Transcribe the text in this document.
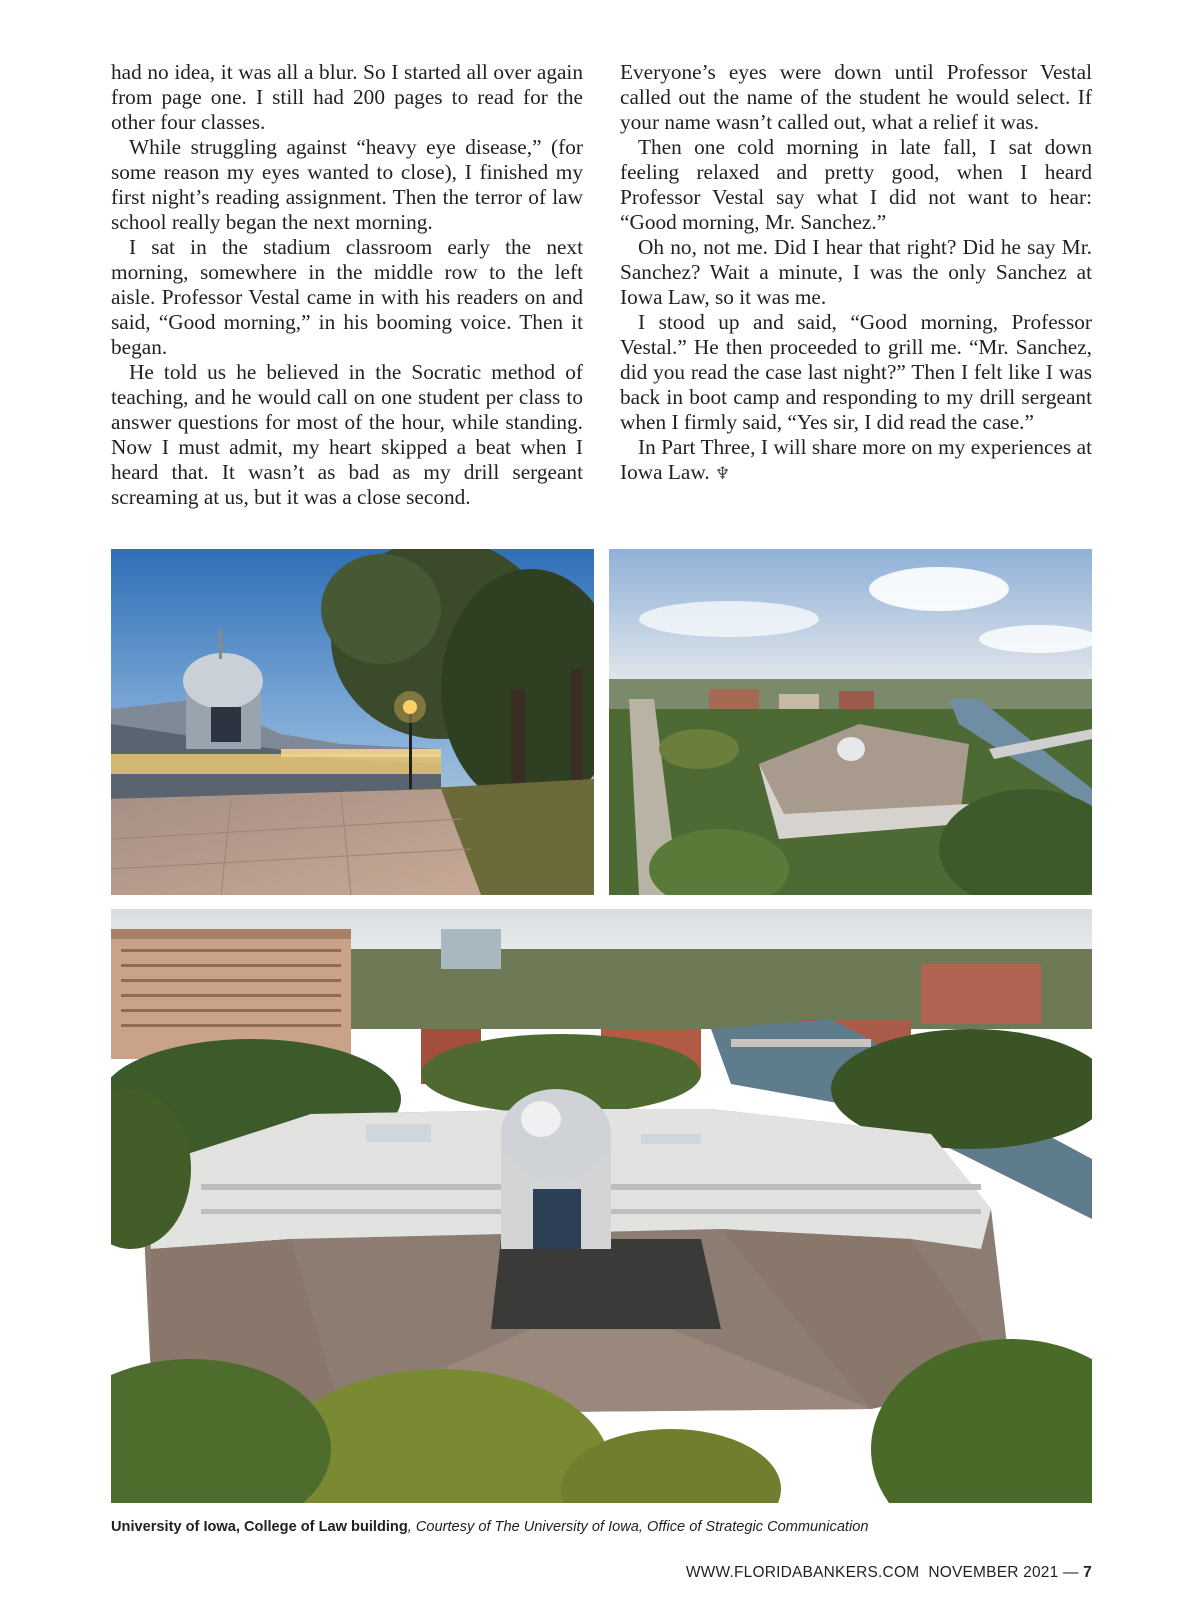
had no idea, it was all a blur. So I started all over again from page one. I still had 200 pages to read for the other four classes.

While struggling against “heavy eye disease,” (for some reason my eyes wanted to close), I finished my first night’s reading assignment. Then the terror of law school really began the next morning.

I sat in the stadium classroom early the next morning, somewhere in the middle row to the left aisle. Professor Vestal came in with his readers on and said, “Good morning,” in his booming voice. Then it began.

He told us he believed in the Socratic method of teaching, and he would call on one student per class to answer questions for most of the hour, while standing. Now I must admit, my heart skipped a beat when I heard that. It wasn’t as bad as my drill sergeant screaming at us, but it was a close second.

Everyone’s eyes were down until Professor Vestal called out the name of the student he would select. If your name wasn’t called out, what a relief it was.

Then one cold morning in late fall, I sat down feeling relaxed and pretty good, when I heard Professor Vestal say what I did not want to hear: “Good morning, Mr. Sanchez.”

Oh no, not me. Did I hear that right? Did he say Mr. Sanchez? Wait a minute, I was the only Sanchez at Iowa Law, so it was me.

I stood up and said, “Good morning, Professor Vestal.” He then proceeded to grill me. “Mr. Sanchez, did you read the case last night?” Then I felt like I was back in boot camp and responding to my drill sergeant when I firmly said, “Yes sir, I did read the case.”

In Part Three, I will share more on my experiences at Iowa Law. ♆

University of Iowa, College of Law building, Courtesy of The University of Iowa, Office of Strategic Communication
WWW.FLORIDABANKERS.COM NOVEMBER 2021 — 7
